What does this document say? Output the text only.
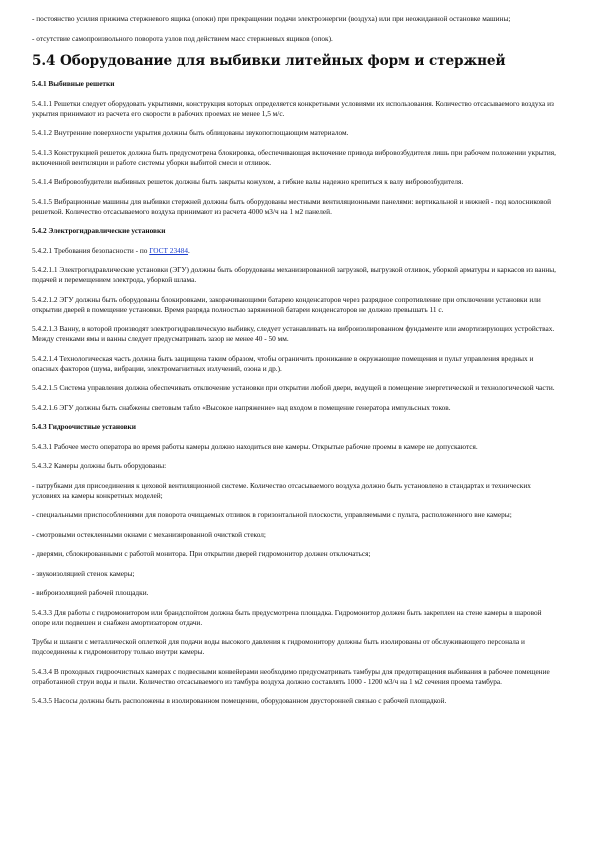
- постоянство усилия прижима стержневого ящика (опоки) при прекращении подачи электроэнергии (воздуха) или при неожиданной остановке машины;

- отсутствие самопроизвольного поворота узлов под действием масс стержневых ящиков (опок).

5.4 Оборудование для выбивки литейных форм и стержней
5.4.1 Выбивные решетки

5.4.1.1 Решетки следует оборудовать укрытиями, конструкция которых определяется конкретными условиями их использования. Количество отсасываемого воздуха из укрытия принимают из расчета его скорости в рабочих проемах не менее 1,5 м/с.

5.4.1.2 Внутренние поверхности укрытия должны быть облицованы звукопоглощающим материалом.

5.4.1.3 Конструкцией решеток должна быть предусмотрена блокировка, обеспечивающая включение привода вибровозбудителя лишь при рабочем положении укрытия, включенной вентиляции и работе системы уборки выбитой смеси и отливок.

5.4.1.4 Вибровозбудители выбивных решеток должны быть закрыты кожухом, а гибкие валы надежно крепиться к валу вибровозбудителя.

5.4.1.5 Вибрационные машины для выбивки стержней должны быть оборудованы местными вентиляционными панелями: вертикальной и нижней - под колосниковой решеткой. Количество отсасываемого воздуха принимают из расчета 4000 м3/ч на 1 м2 панелей.

5.4.2 Электрогидравлические установки

5.4.2.1 Требования безопасности - по ГОСТ 23484.

5.4.2.1.1 Электрогидравлические установки (ЭГУ) должны быть оборудованы механизированной загрузкой, выгрузкой отливок, уборкой арматуры и каркасов из ванны, подачей и перемещением электрода, уборкой шлама.

5.4.2.1.2 ЭГУ должны быть оборудованы блокировками, закорачивающими батарею конденсаторов через разрядное сопротивление при отключении установки или открытии дверей в помещение установки. Время разряда полностью заряженной батареи конденсаторов не должно превышать 11 с.

5.4.2.1.3 Ванну, в которой производят электрогидравлическую выбивку, следует устанавливать на виброизолированном фундаменте или амортизирующих устройствах. Между стенками ямы и ванны следует предусматривать зазор не менее 40 - 50 мм.

5.4.2.1.4 Технологическая часть должна быть защищена таким образом, чтобы ограничить проникание в окружающие помещения и пульт управления вредных и опасных факторов (шума, вибрации, электромагнитных излучений, озона и др.).

5.4.2.1.5 Система управления должна обеспечивать отключение установки при открытии любой двери, ведущей в помещение энергетической и технологической части.

5.4.2.1.6 ЭГУ должны быть снабжены световым табло «Высокое напряжение» над входом в помещение генератора импульсных токов.

5.4.3 Гидроочистные установки

5.4.3.1 Рабочее место оператора во время работы камеры должно находиться вне камеры. Открытые рабочие проемы в камере не допускаются.

5.4.3.2 Камеры должны быть оборудованы:

- патрубками для присоединения к цеховой вентиляционной системе. Количество отсасываемого воздуха должно быть установлено в стандартах и технических условиях на камеры конкретных моделей;

- специальными приспособлениями для поворота очищаемых отливок в горизонтальной плоскости, управляемыми с пульта, расположенного вне камеры;

- смотровыми остекленными окнами с механизированной очисткой стекол;

- дверями, сблокированными с работой монитора. При открытии дверей гидромонитор должен отключаться;

- звукоизоляцией стенок камеры;

- виброизоляцией рабочей площадки.

5.4.3.3 Для работы с гидромонитором или брандспойтом должна быть предусмотрена площадка. Гидромонитор должен быть закреплен на стене камеры в шаровой опоре или подвешен и снабжен амортизатором отдачи.

Трубы и шланги с металлической оплеткой для подачи воды высокого давления к гидромонитору должны быть изолированы от обслуживающего персонала и подсоединены к гидромонитору только внутри камеры.

5.4.3.4 В проходных гидроочистных камерах с подвесными конвейерами необходимо предусматривать тамбуры для предотвращения выбивания в рабочее помещение отработанной струи воды и пыли. Количество отсасываемого из тамбура воздуха должно составлять 1000 - 1200 м3/ч на 1 м2 сечения проема тамбура.

5.4.3.5 Насосы должны быть расположены в изолированном помещении, оборудованном двусторонней связью с рабочей площадкой.
